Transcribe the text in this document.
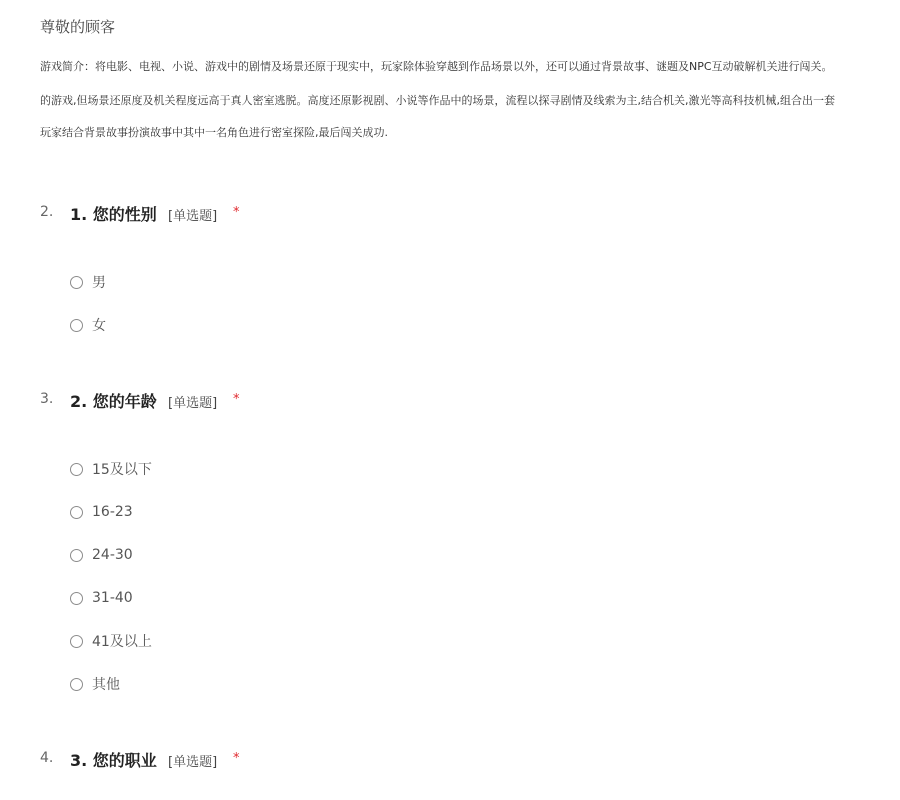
尊敬的顾客
游戏简介：将电影、电视、小说、游戏中的剧情及场景还原于现实中，玩家除体验穿越到作品场景以外，还可以通过背景故事、谜题及NPC互动破解机关进行闯关。
的游戏,但场景还原度及机关程度远高于真人密室逃脱。高度还原影视剧、小说等作品中的场景，流程以探寻剧情及线索为主,结合机关,激光等高科技机械,组合出一套
玩家结合背景故事扮演故事中其中一名角色进行密室探险,最后闯关成功.
2. 1. 您的性别 [单选题] *
男
女
3. 2. 您的年龄 [单选题] *
15及以下
16-23
24-30
31-40
41及以上
其他
4. 3. 您的职业 [单选题] *
